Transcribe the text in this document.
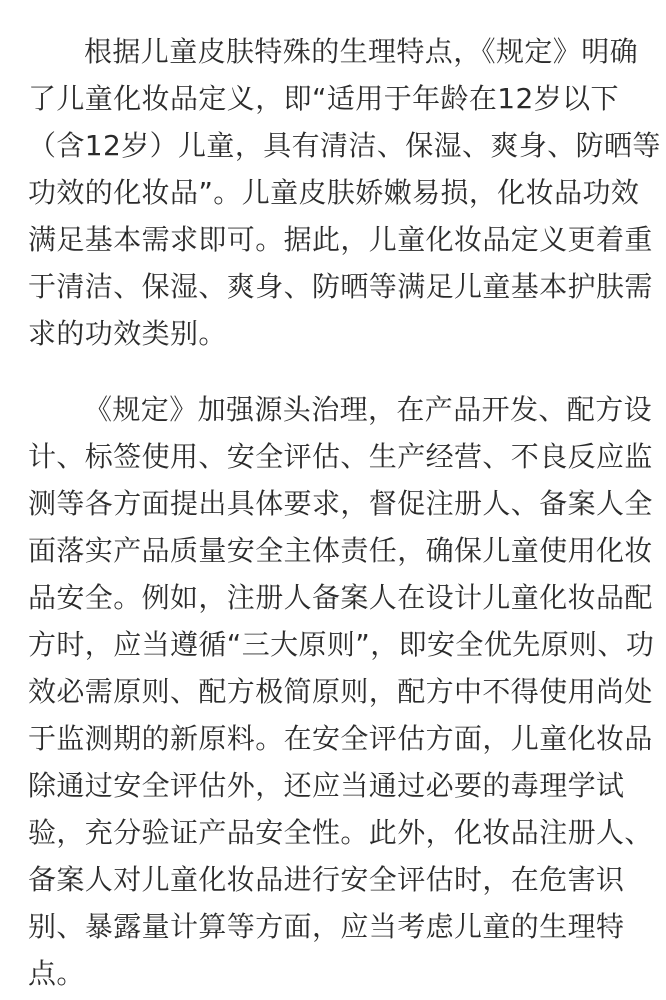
根据儿童皮肤特殊的生理特点，《规定》明确
了儿童化妆品定义，即“适用于年龄在12岁以下
（含12岁）儿童，具有清洁、保湿、爽身、防晒等
功效的化妆品”。儿童皮肤娇嫩易损，化妆品功效
满足基本需求即可。据此，儿童化妆品定义更着重
于清洁、保湿、爽身、防晒等满足儿童基本护肤需
求的功效类别。

《规定》加强源头治理，在产品开发、配方设
计、标签使用、安全评估、生产经营、不良反应监
测等各方面提出具体要求，督促注册人、备案人全
面落实产品质量安全主体责任，确保儿童使用化妆
品安全。例如，注册人备案人在设计儿童化妆品配
方时，应当遵循“三大原则”，即安全优先原则、功
效必需原则、配方极简原则，配方中不得使用尚处
于监测期的新原料。在安全评估方面，儿童化妆品
除通过安全评估外，还应当通过必要的毒理学试
验，充分验证产品安全性。此外，化妆品注册人、
备案人对儿童化妆品进行安全评估时，在危害识
别、暴露量计算等方面，应当考虑儿童的生理特
点。
